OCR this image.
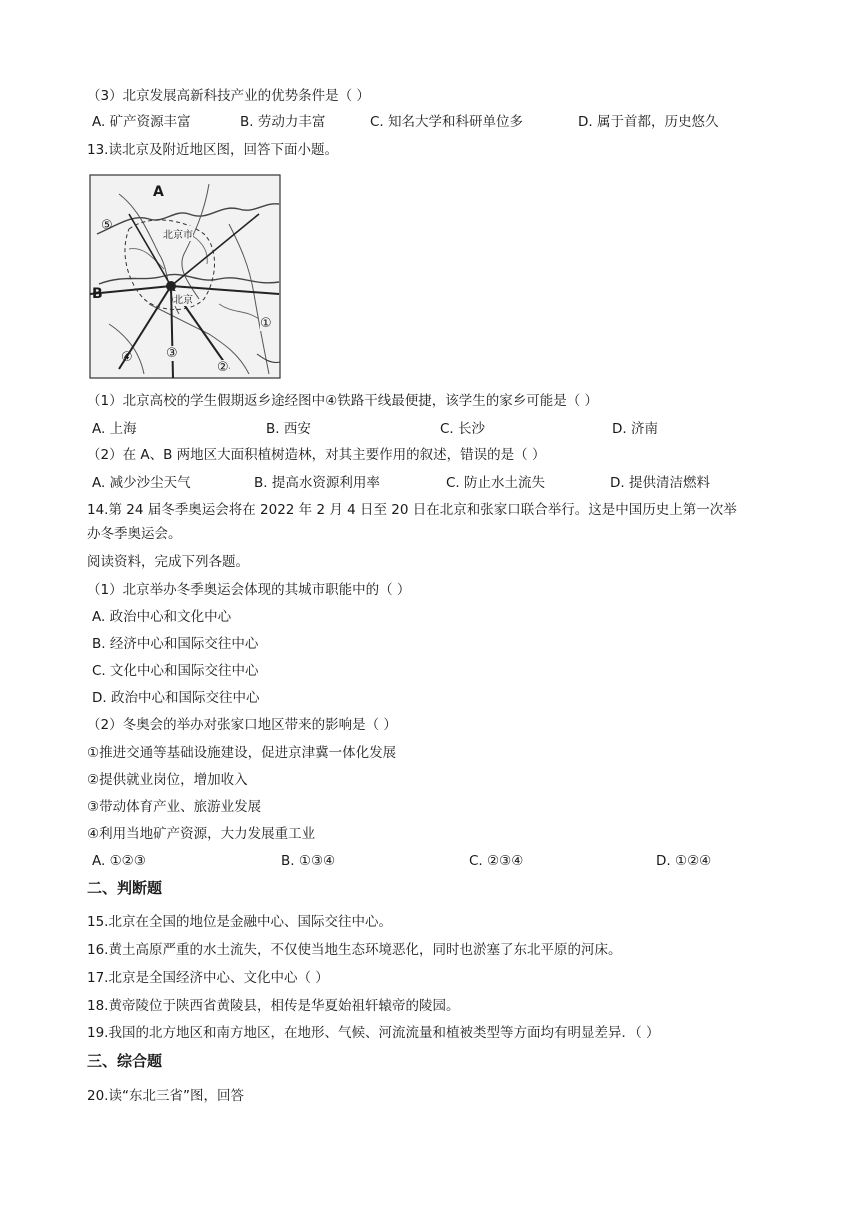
（3）北京发展高新科技产业的优势条件是（ ）
A. 矿产资源丰富	B. 劳动力丰富	C. 知名大学和科研单位多	D. 属于首都，历史悠久
13.读北京及附近地区图，回答下面小题。
A
B
北京市
北京
⑤
④	③
②
①
（1）北京高校的学生假期返乡途经图中④铁路干线最便捷，该学生的家乡可能是（ ）
A. 上海	B. 西安	C. 长沙	D. 济南
（2）在 A、B 两地区大面积植树造林，对其主要作用的叙述，错误的是（ ）
A. 减少沙尘天气	B. 提高水资源利用率	C. 防止水土流失	D. 提供清洁燃料
14.第 24 届冬季奥运会将在 2022 年 2 月 4 日至 20 日在北京和张家口联合举行。这是中国历史上第一次举
办冬季奥运会。
阅读资料，完成下列各题。
（1）北京举办冬季奥运会体现的其城市职能中的（ ）
A. 政治中心和文化中心
B. 经济中心和国际交往中心
C. 文化中心和国际交往中心
D. 政治中心和国际交往中心
（2）冬奥会的举办对张家口地区带来的影响是（ ）
①推进交通等基础设施建设，促进京津冀一体化发展
②提供就业岗位，增加收入
③带动体育产业、旅游业发展
④利用当地矿产资源，大力发展重工业
A. ①②③	B. ①③④	C. ②③④	D. ①②④
二、判断题
15.北京在全国的地位是金融中心、国际交往中心。
16.黄土高原严重的水土流失，不仅使当地生态环境恶化，同时也淤塞了东北平原的河床。
17.北京是全国经济中心、文化中心（ ）
18.黄帝陵位于陕西省黄陵县，相传是华夏始祖轩辕帝的陵园。
19.我国的北方地区和南方地区，在地形、气候、河流流量和植被类型等方面均有明显差异．（ ）
三、综合题
20.读“东北三省”图，回答
